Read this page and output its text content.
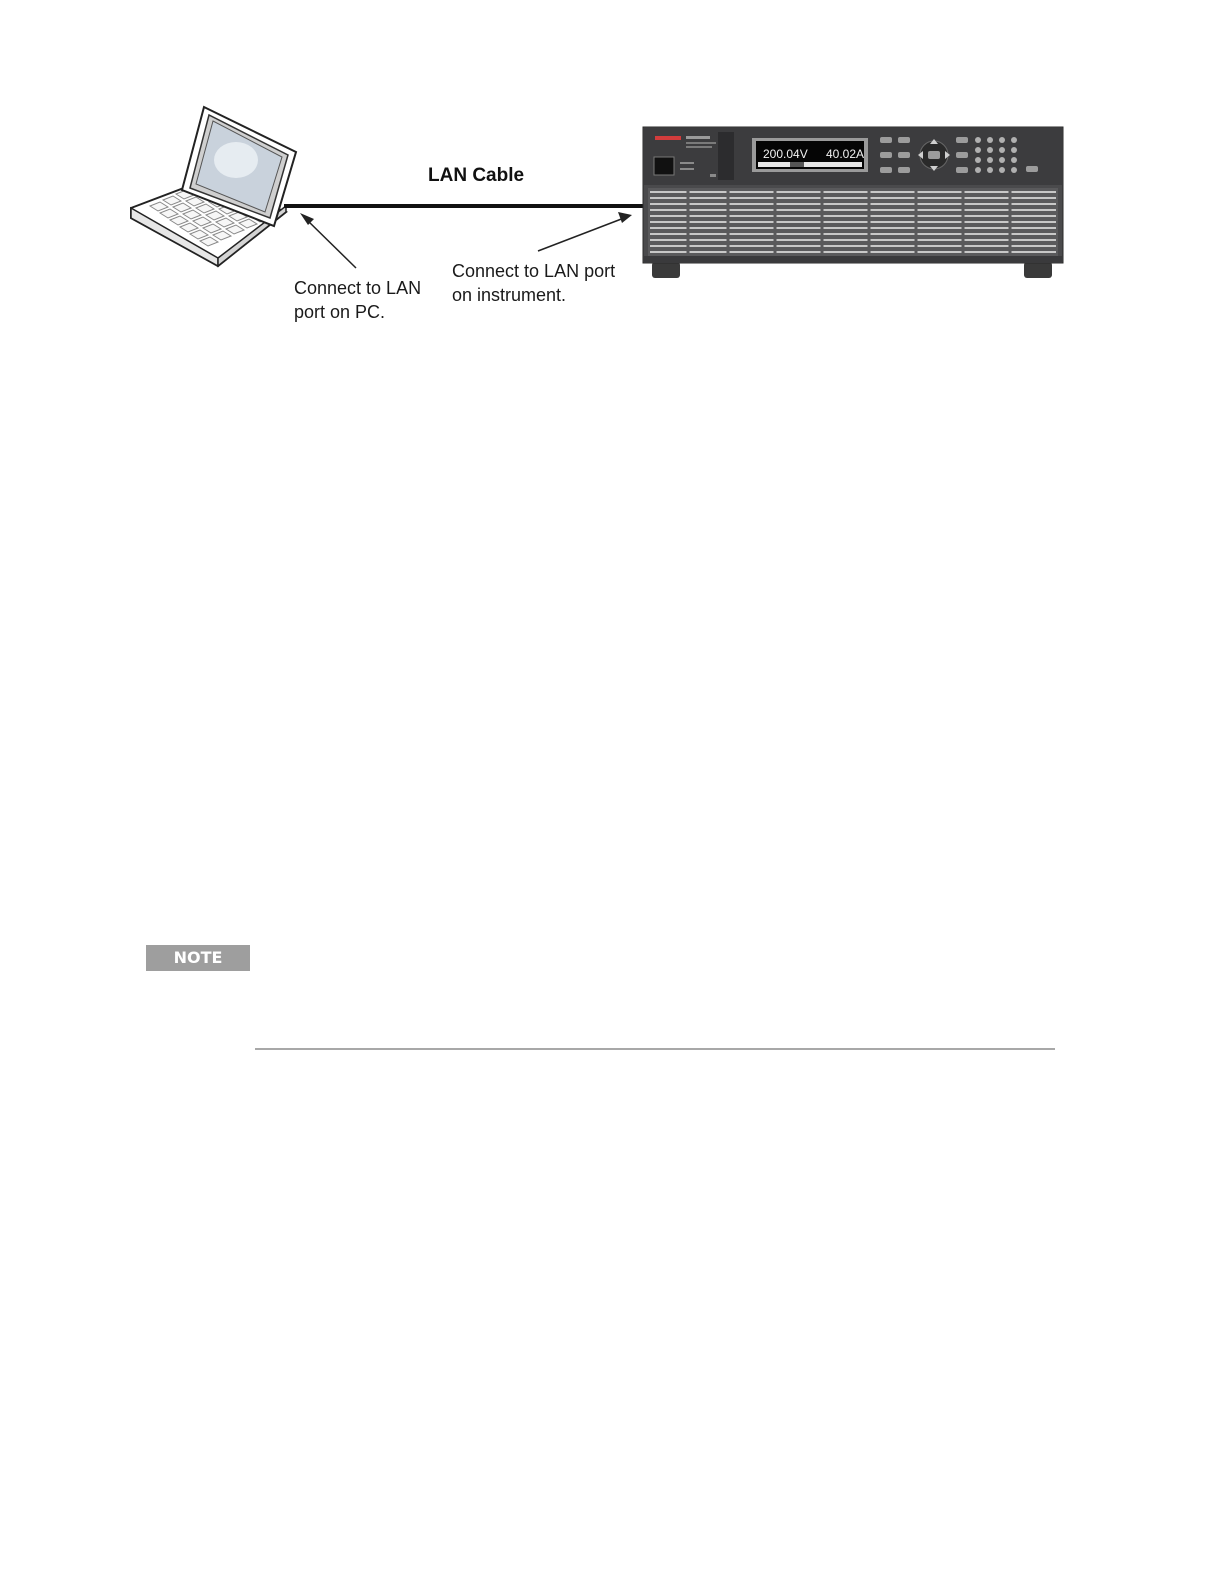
200.04V 40.02A
LAN Cable
Connect to LAN
port on PC.
Connect to LAN port
on instrument.
NOTE
